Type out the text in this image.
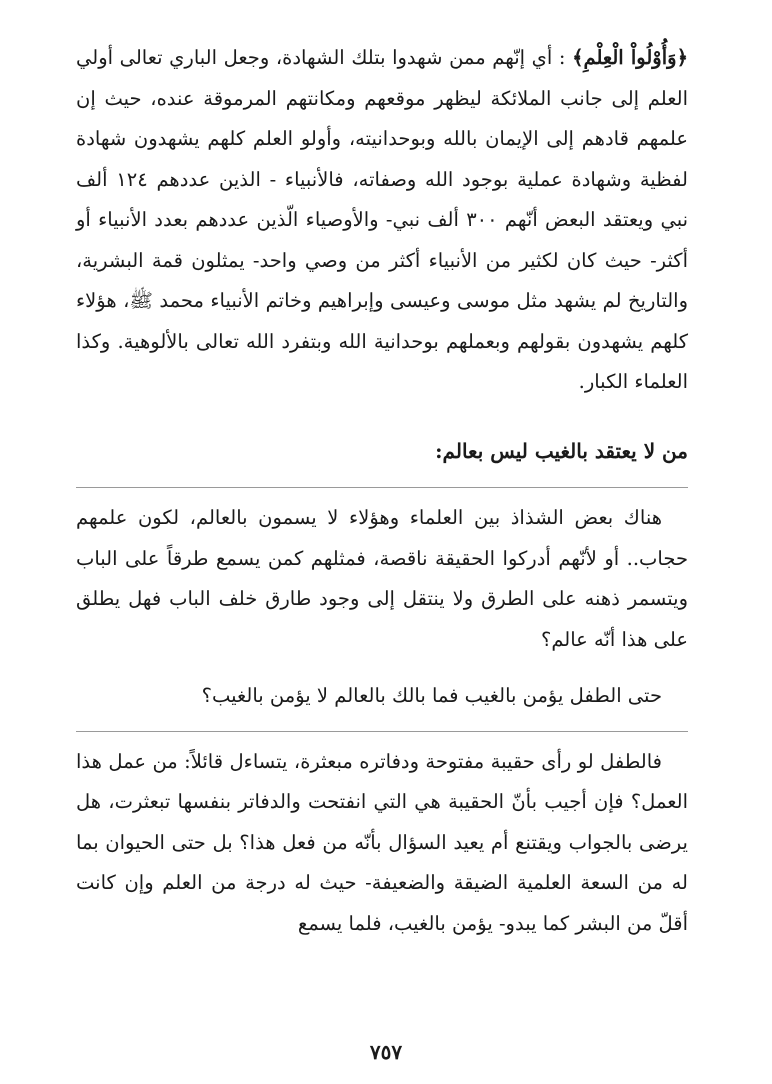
﴿وَأُوْلُواْ الْعِلْمِ﴾ : أي إنّهم ممن شهدوا بتلك الشهادة، وجعل الباري تعالى أولي العلم إلى جانب الملائكة ليظهر موقعهم ومكانتهم المرموقة عنده، حيث إن علمهم قادهم إلى الإيمان بالله وبوحدانيته، وأولو العلم كلهم يشهدون شهادة لفظية وشهادة عملية بوجود الله وصفاته، فالأنبياء - الذين عددهم ١٢٤ ألف نبي ويعتقد البعض أنّهم ٣٠٠ ألف نبي- والأوصياء الّذين عددهم بعدد الأنبياء أو أكثر- حيث كان لكثير من الأنبياء أكثر من وصي واحد- يمثلون قمة البشرية، والتاريخ لم يشهد مثل موسى وعيسى وإبراهيم وخاتم الأنبياء محمد ﷺ، هؤلاء كلهم يشهدون بقولهم وبعملهم بوحدانية الله وبتفرد الله تعالى بالألوهية. وكذا العلماء الكبار.

من لا يعتقد بالغيب ليس بعالم:

هناك بعض الشذاذ بين العلماء وهؤلاء لا يسمون بالعالم، لكون علمهم حجاب.. أو لأنّهم أدركوا الحقيقة ناقصة، فمثلهم كمن يسمع طرقاً على الباب ويتسمر ذهنه على الطرق ولا ينتقل إلى وجود طارق خلف الباب فهل يطلق على هذا أنّه عالم؟

حتى الطفل يؤمن بالغيب فما بالك بالعالم لا يؤمن بالغيب؟

فالطفل لو رأى حقيبة مفتوحة ودفاتره مبعثرة، يتساءل قائلاً: من عمل هذا العمل؟ فإن أجيب بأنّ الحقيبة هي التي انفتحت والدفاتر بنفسها تبعثرت، هل يرضى بالجواب ويقتنع أم يعيد السؤال بأنّه من فعل هذا؟ بل حتى الحيوان بما له من السعة العلمية الضيقة والضعيفة- حيث له درجة من العلم وإن كانت أقلّ من البشر كما يبدو- يؤمن بالغيب، فلما يسمع

٧٥٧
